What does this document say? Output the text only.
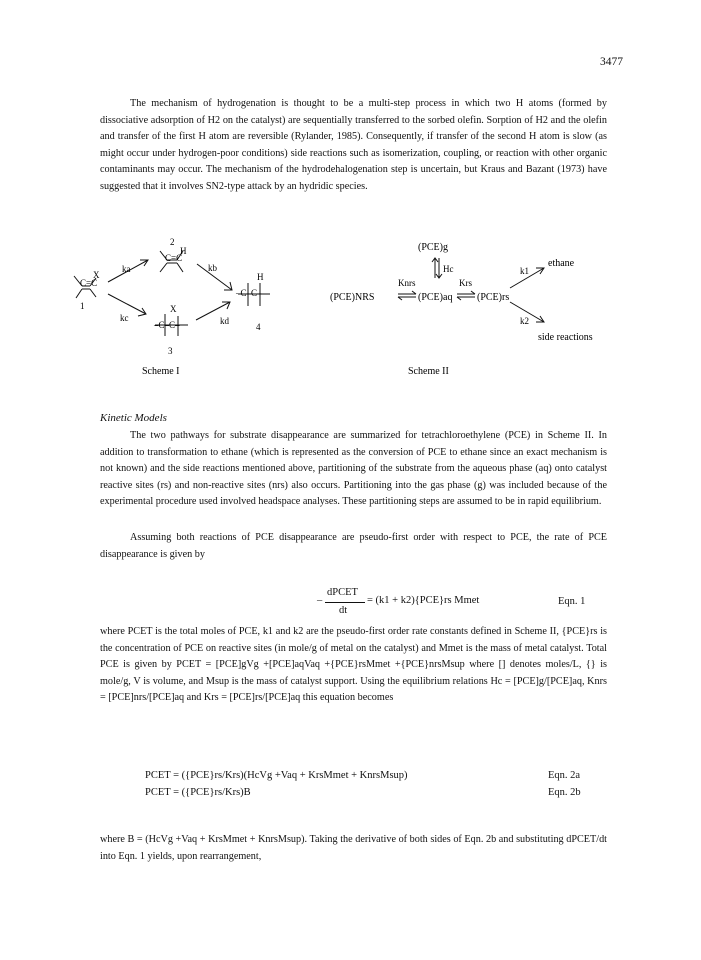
3477

The mechanism of hydrogenation is thought to be a multi-step process in which two H atoms (formed by dissociative adsorption of H2 on the catalyst) are sequentially transferred to the sorbed olefin. Sorption of H2 and the olefin and transfer of the first H atom are reversible (Rylander, 1985). Consequently, if transfer of the second H atom is slow (as might occur under hydrogen-poor conditions) side reactions such as isomerization, coupling, or reaction with other organic contaminants may occur. The mechanism of the hydrodehalogenation step is uncertain, but Kraus and Bazant (1973) have suggested that it involves SN2-type attack by an hydridic species.

C=C
X
1
2
H
C=C
ka	kb
kc	kd
H
–C–C–
4
X
–C–C–
3
Scheme I
(PCE)g
Hc
(PCE)NRS
Knrs
(PCE)aq
Krs
(PCE)rs
k1
ethane
k2
side reactions
Scheme II
Kinetic Models

The two pathways for substrate disappearance are summarized for tetrachloroethylene (PCE) in Scheme II. In addition to transformation to ethane (which is represented as the conversion of PCE to ethane since an exact mechanism is not known) and the side reactions mentioned above, partitioning of the substrate from the aqueous phase (aq) onto catalyst reactive sites (rs) and non-reactive sites (nrs) also occurs. Partitioning into the gas phase (g) was included because of the experimental procedure used involved headspace analyses. These partitioning steps are assumed to be in rapid equilibrium.

Assuming both reactions of PCE disappearance are pseudo-first order with respect to PCE, the rate of PCE disappearance is given by

–
dPCET
dt
= (k1 + k2){PCE}rs Mmet	Eqn. 1

where PCET is the total moles of PCE, k1 and k2 are the pseudo-first order rate constants defined in Scheme II, {PCE}rs is the concentration of PCE on reactive sites (in mole/g of metal on the catalyst) and Mmet is the mass of metal catalyst. Total PCE is given by PCET = [PCE]gVg +[PCE]aqVaq +{PCE}rsMmet +{PCE}nrsMsup where [] denotes moles/L, {} is mole/g, V is volume, and Msup is the mass of catalyst support. Using the equilibrium relations Hc = [PCE]g/[PCE]aq, Knrs = [PCE]nrs/[PCE]aq and Krs = [PCE]rs/[PCE]aq this equation becomes

PCET = ({PCE}rs/Krs)(HcVg +Vaq + KrsMmet + KnrsMsup)	Eqn. 2a
PCET = ({PCE}rs/Krs)B	Eqn. 2b

where B = (HcVg +Vaq + KrsMmet + KnrsMsup). Taking the derivative of both sides of Eqn. 2b and substituting dPCET/dt into Eqn. 1 yields, upon rearrangement,
